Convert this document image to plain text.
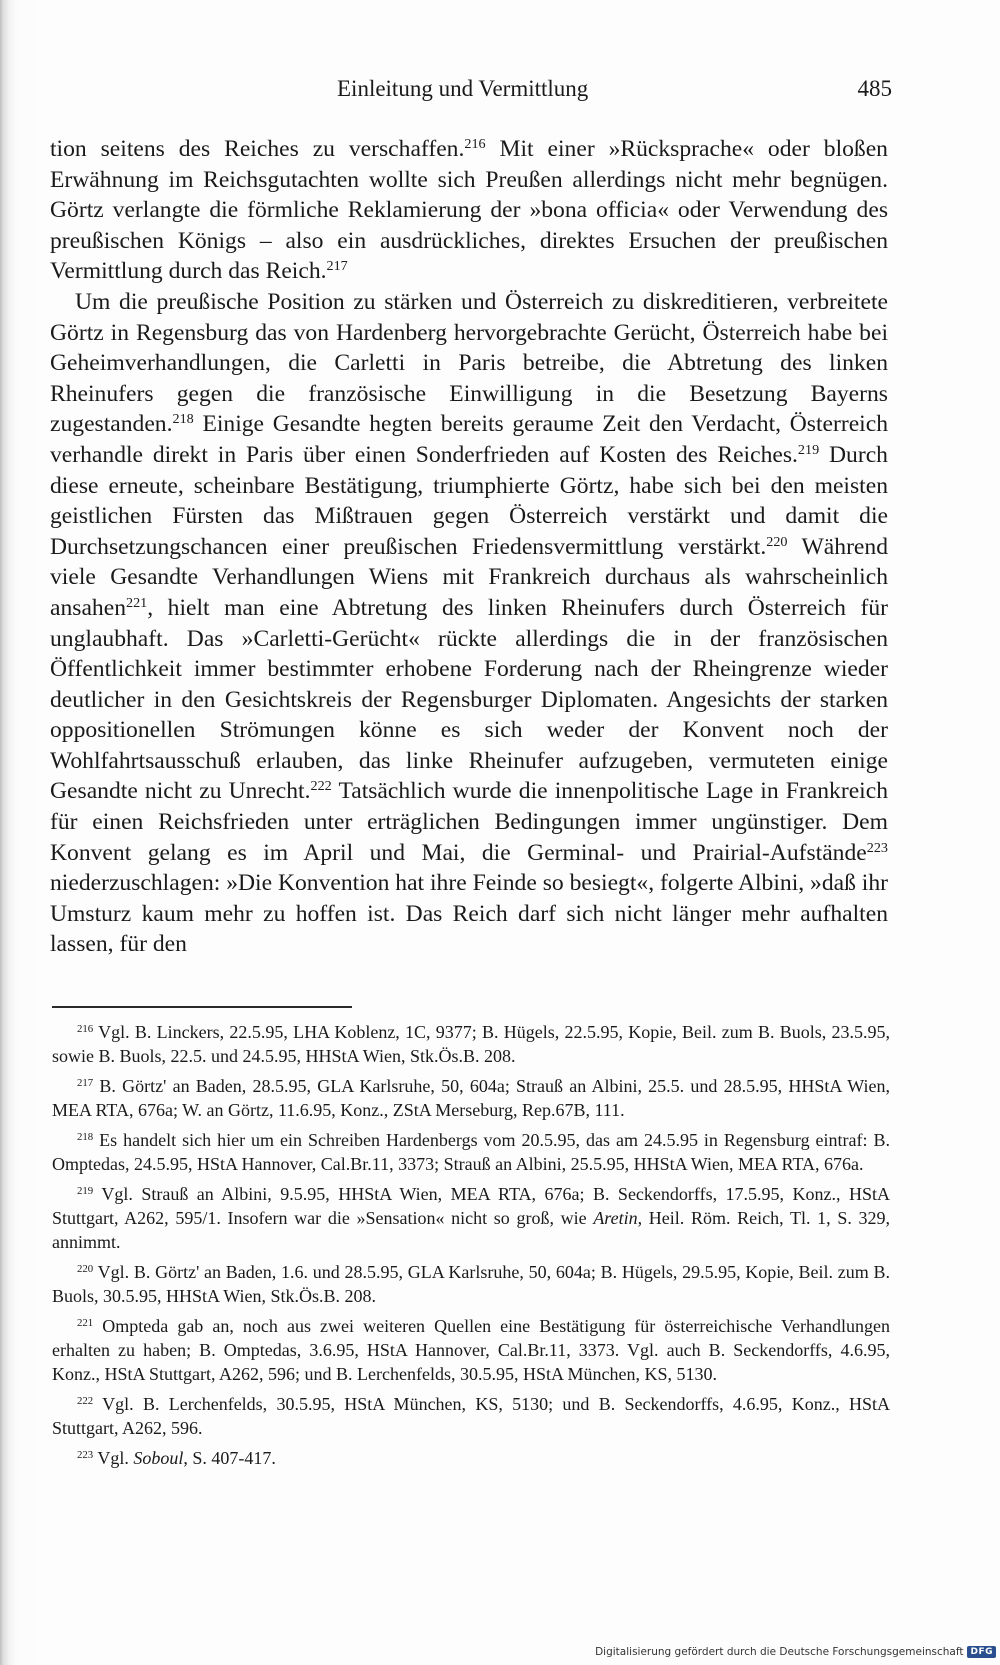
Einleitung und Vermittlung	485

tion seitens des Reiches zu verschaffen.$^{216}$ Mit einer »Rücksprache« oder bloßen Erwähnung im Reichsgutachten wollte sich Preußen allerdings nicht mehr begnügen. Görtz verlangte die förmliche Reklamierung der »bona officia« oder Verwendung des preußischen Königs – also ein ausdrückliches, direktes Ersuchen der preußischen Vermittlung durch das Reich.$^{217}$

Um die preußische Position zu stärken und Österreich zu diskreditieren, verbreitete Görtz in Regensburg das von Hardenberg hervorgebrachte Gerücht, Österreich habe bei Geheimverhandlungen, die Carletti in Paris betreibe, die Abtretung des linken Rheinufers gegen die französische Einwilligung in die Besetzung Bayerns zugestanden.$^{218}$ Einige Gesandte hegten bereits geraume Zeit den Verdacht, Österreich verhandle direkt in Paris über einen Sonderfrieden auf Kosten des Reiches.$^{219}$ Durch diese erneute, scheinbare Bestätigung, triumphierte Görtz, habe sich bei den meisten geistlichen Fürsten das Mißtrauen gegen Österreich verstärkt und damit die Durchsetzungschancen einer preußischen Friedensvermittlung verstärkt.$^{220}$ Während viele Gesandte Verhandlungen Wiens mit Frankreich durchaus als wahrscheinlich ansahen$^{221}$, hielt man eine Abtretung des linken Rheinufers durch Österreich für unglaubhaft. Das »Carletti-Gerücht« rückte allerdings die in der französischen Öffentlichkeit immer bestimmter erhobene Forderung nach der Rheingrenze wieder deutlicher in den Gesichtskreis der Regensburger Diplomaten. Angesichts der starken oppositionellen Strömungen könne es sich weder der Konvent noch der Wohlfahrtsausschuß erlauben, das linke Rheinufer aufzugeben, vermuteten einige Gesandte nicht zu Unrecht.$^{222}$ Tatsächlich wurde die innenpolitische Lage in Frankreich für einen Reichsfrieden unter erträglichen Bedingungen immer ungünstiger. Dem Konvent gelang es im April und Mai, die Germinal- und Prairial-Aufstände$^{223}$ niederzuschlagen: »Die Konvention hat ihre Feinde so besiegt«, folgerte Albini, »daß ihr Umsturz kaum mehr zu hoffen ist. Das Reich darf sich nicht länger mehr aufhalten lassen, für den

$^{216}$ Vgl. B. Linckers, 22.5.95, LHA Koblenz, 1C, 9377; B. Hügels, 22.5.95, Kopie, Beil. zum B. Buols, 23.5.95, sowie B. Buols, 22.5. und 24.5.95, HHStA Wien, Stk.Ös.B. 208.

$^{217}$ B. Görtz' an Baden, 28.5.95, GLA Karlsruhe, 50, 604a; Strauß an Albini, 25.5. und 28.5.95, HHStA Wien, MEA RTA, 676a; W. an Görtz, 11.6.95, Konz., ZStA Merseburg, Rep.67B, 111.

$^{218}$ Es handelt sich hier um ein Schreiben Hardenbergs vom 20.5.95, das am 24.5.95 in Regensburg eintraf: B. Omptedas, 24.5.95, HStA Hannover, Cal.Br.11, 3373; Strauß an Albini, 25.5.95, HHStA Wien, MEA RTA, 676a.

$^{219}$ Vgl. Strauß an Albini, 9.5.95, HHStA Wien, MEA RTA, 676a; B. Seckendorffs, 17.5.95, Konz., HStA Stuttgart, A262, 595/1. Insofern war die »Sensation« nicht so groß, wie Aretin, Heil. Röm. Reich, Tl. 1, S. 329, annimmt.

$^{220}$ Vgl. B. Görtz' an Baden, 1.6. und 28.5.95, GLA Karlsruhe, 50, 604a; B. Hügels, 29.5.95, Kopie, Beil. zum B. Buols, 30.5.95, HHStA Wien, Stk.Ös.B. 208.

$^{221}$ Ompteda gab an, noch aus zwei weiteren Quellen eine Bestätigung für österreichische Verhandlungen erhalten zu haben; B. Omptedas, 3.6.95, HStA Hannover, Cal.Br.11, 3373. Vgl. auch B. Seckendorffs, 4.6.95, Konz., HStA Stuttgart, A262, 596; und B. Lerchenfelds, 30.5.95, HStA München, KS, 5130.

$^{222}$ Vgl. B. Lerchenfelds, 30.5.95, HStA München, KS, 5130; und B. Seckendorffs, 4.6.95, Konz., HStA Stuttgart, A262, 596.

$^{223}$ Vgl. Soboul, S. 407-417.

Digitalisierung gefördert durch die Deutsche Forschungsgemeinschaft DFG
